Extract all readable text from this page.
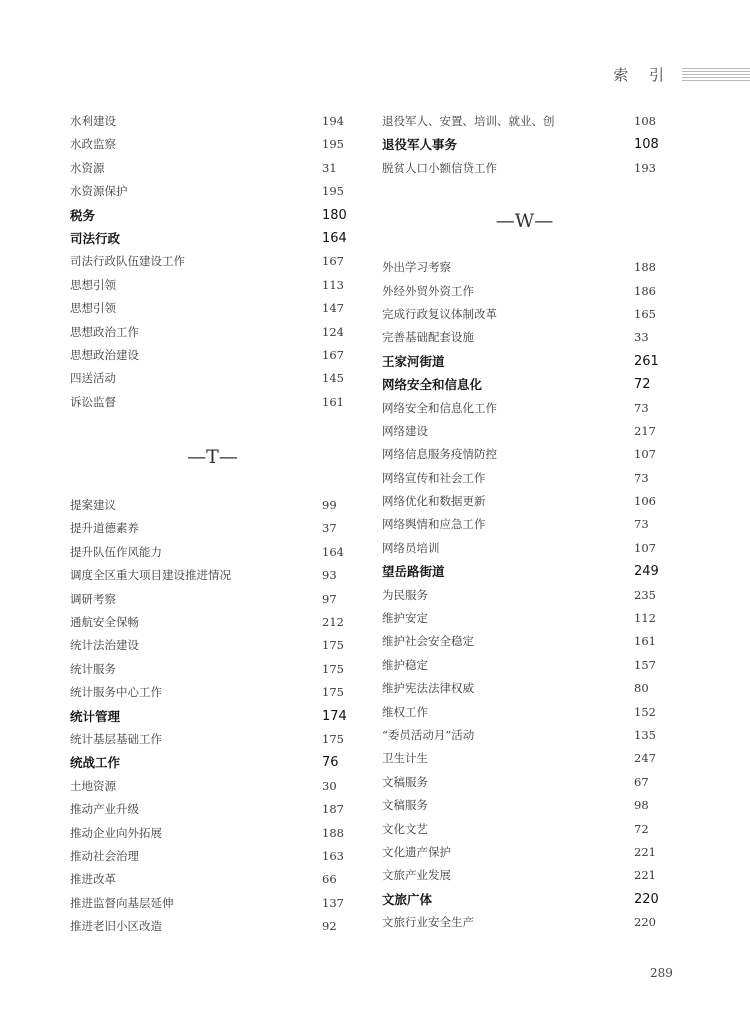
索 引
水利建设	194
水政监察	195
水资源	31
水资源保护	195
税务	180
司法行政	164
司法行政队伍建设工作	167
思想引领	113
思想引领	147
思想政治工作	124
思想政治建设	167
四送活动	145
诉讼监督	161
—T—
提案建议	99
提升道德素养	37
提升队伍作风能力	164
调度全区重大项目建设推进情况	93
调研考察	97
通航安全保畅	212
统计法治建设	175
统计服务	175
统计服务中心工作	175
统计管理	174
统计基层基础工作	175
统战工作	76
土地资源	30
推动产业升级	187
推动企业向外拓展	188
推动社会治理	163
推进改革	66
推进监督向基层延伸	137
推进老旧小区改造	92
退役军人、安置、培训、就业、创	108
退役军人事务	108
脱贫人口小额信贷工作	193
—W—
外出学习考察	188
外经外贸外资工作	186
完成行政复议体制改革	165
完善基础配套设施	33
王家河街道	261
网络安全和信息化	72
网络安全和信息化工作	73
网络建设	217
网络信息服务疫情防控	107
网络宣传和社会工作	73
网络优化和数据更新	106
网络舆情和应急工作	73
网络员培训	107
望岳路街道	249
为民服务	235
维护安定	112
维护社会安全稳定	161
维护稳定	157
维护宪法法律权威	80
维权工作	152
“委员活动月”活动	135
卫生计生	247
文稿服务	67
文稿服务	98
文化文艺	72
文化遗产保护	221
文旅产业发展	221
文旅广体	220
文旅行业安全生产	220
289
